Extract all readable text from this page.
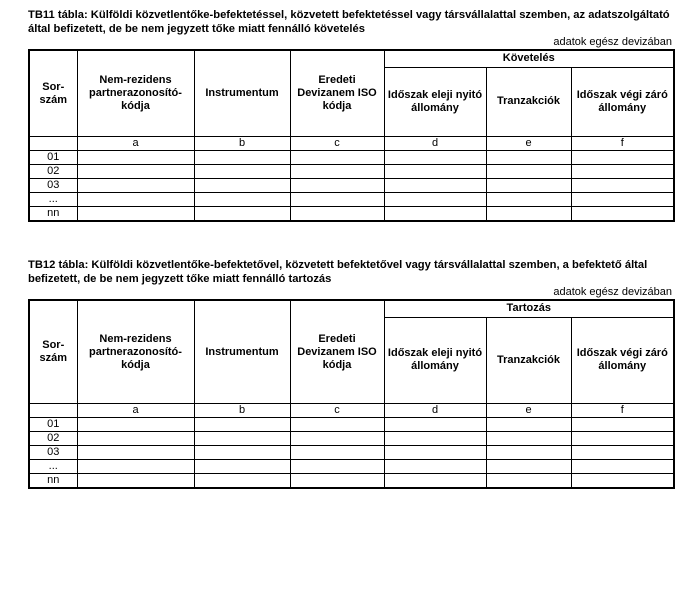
TB11 tábla: Külföldi közvetlentőke-befektetéssel, közvetett befektetéssel vagy társvállalattal szemben, az adatszolgáltató által befizetett, de be nem jegyzett tőke miatt fennálló követelés

adatok egész devizában

Sor-szám	Nem-rezidens partnerazonosító-kódja	Instrumentum	Eredeti Devizanem ISO kódja	Követelés		
				Időszak eleji nyitó állomány	Tranzakciók	Időszak végi záró állomány
	a	b	c	d	e	f
01						
02						
03						
...						
nn						

TB12 tábla: Külföldi közvetlentőke-befektetővel, közvetett befektetővel vagy társvállalattal szemben, a befektető által befizetett, de be nem jegyzett tőke miatt fennálló tartozás

adatok egész devizában

Sor-szám	Nem-rezidens partnerazonosító-kódja	Instrumentum	Eredeti Devizanem ISO kódja	Tartozás		
				Időszak eleji nyitó állomány	Tranzakciók	Időszak végi záró állomány
	a	b	c	d	e	f
01						
02						
03						
...						
nn						
